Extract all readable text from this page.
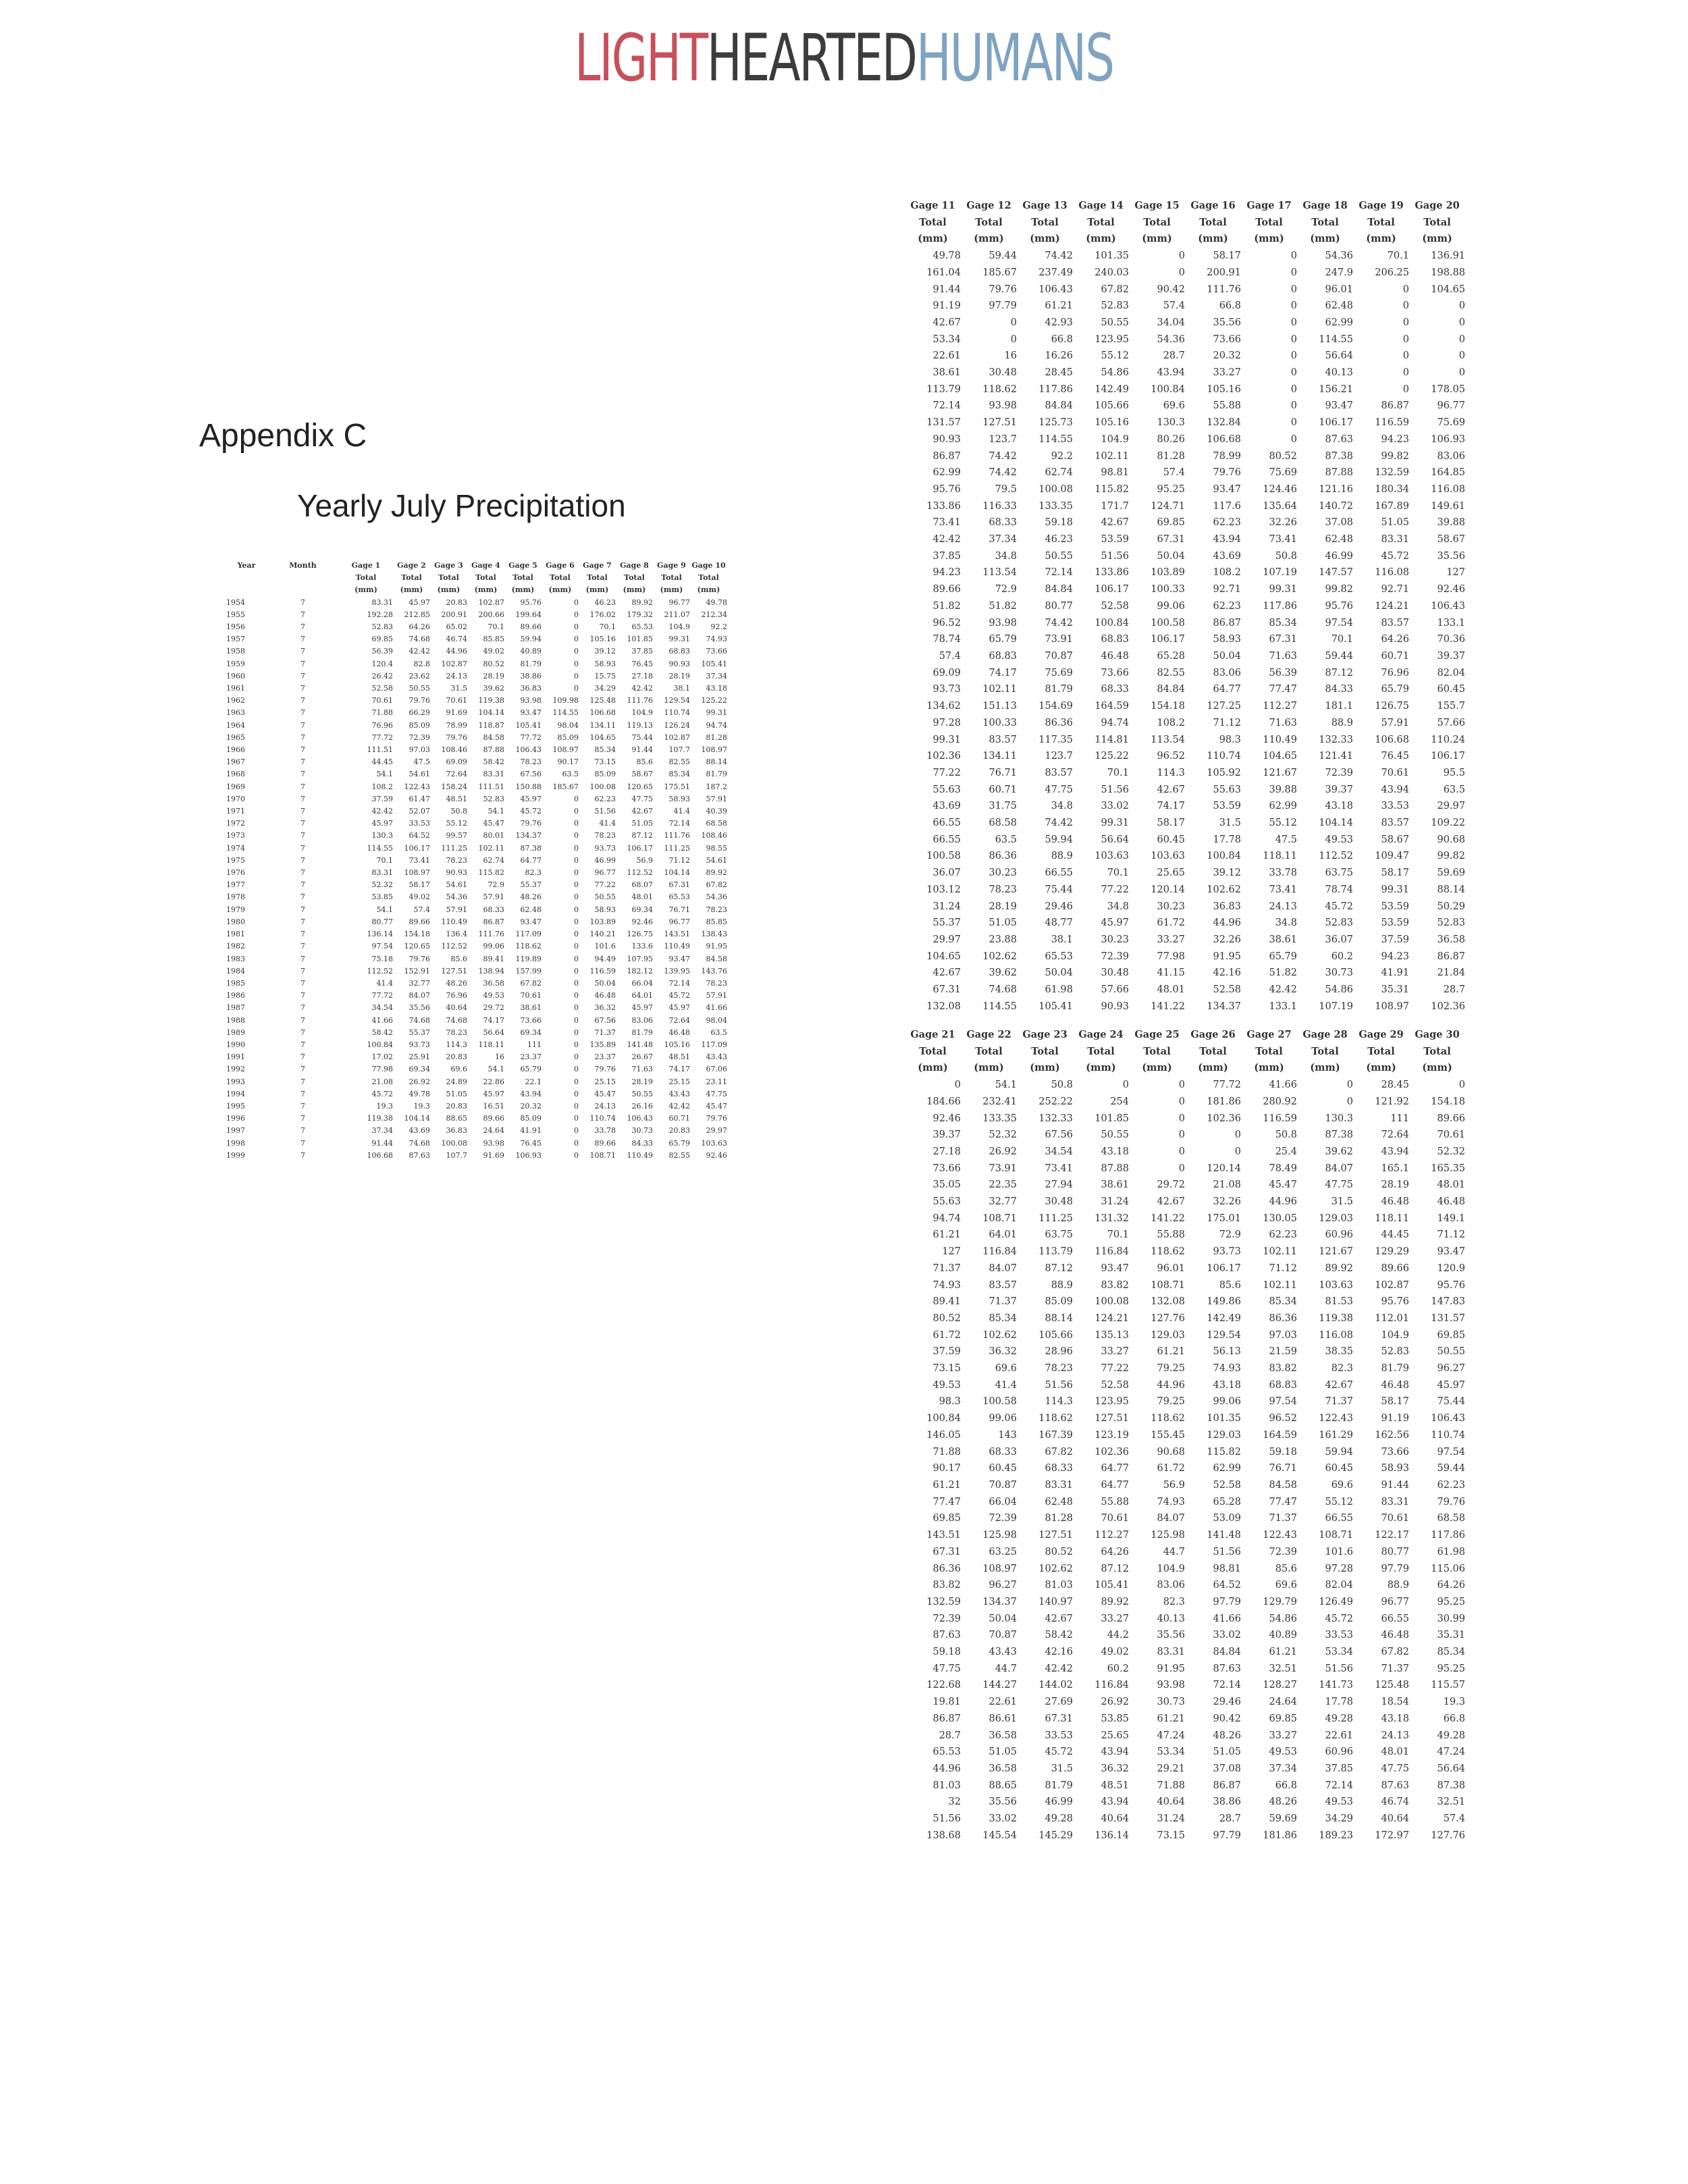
LIGHTHEARTEDHUMANS
Appendix C
Yearly July Precipitation
Year	Month	Gage 1	Gage 2	Gage 3	Gage 4	Gage 5	Gage 6	Gage 7	Gage 8	Gage 9	Gage 10
		Total	Total	Total	Total	Total	Total	Total	Total	Total	Total
		(mm)	(mm)	(mm)	(mm)	(mm)	(mm)	(mm)	(mm)	(mm)	(mm)
1954	7	83.31	45.97	20.83	102.87	95.76	0	46.23	89.92	96.77	49.78
1955	7	192.28	212.85	200.91	200.66	199.64	0	176.02	179.32	211.07	212.34
1956	7	52.83	64.26	65.02	70.1	89.66	0	70.1	65.53	104.9	92.2
1957	7	69.85	74.68	46.74	85.85	59.94	0	105.16	101.85	99.31	74.93
1958	7	56.39	42.42	44.96	49.02	40.89	0	39.12	37.85	68.83	73.66
1959	7	120.4	82.8	102.87	80.52	81.79	0	58.93	76.45	90.93	105.41
1960	7	26.42	23.62	24.13	28.19	38.86	0	15.75	27.18	28.19	37.34
1961	7	52.58	50.55	31.5	39.62	36.83	0	34.29	42.42	38.1	43.18
1962	7	70.61	79.76	70.61	119.38	93.98	109.98	125.48	111.76	129.54	125.22
1963	7	71.88	66.29	91.69	104.14	93.47	114.55	106.68	104.9	110.74	99.31
1964	7	76.96	85.09	78.99	118.87	105.41	98.04	134.11	119.13	126.24	94.74
1965	7	77.72	72.39	79.76	84.58	77.72	85.09	104.65	75.44	102.87	81.28
1966	7	111.51	97.03	108.46	87.88	106.43	108.97	85.34	91.44	107.7	108.97
1967	7	44.45	47.5	69.09	58.42	78.23	90.17	73.15	85.6	82.55	88.14
1968	7	54.1	54.61	72.64	83.31	67.56	63.5	85.09	58.67	85.34	81.79
1969	7	108.2	122.43	158.24	111.51	150.88	185.67	100.08	120.65	175.51	187.2
1970	7	37.59	61.47	48.51	52.83	45.97	0	62.23	47.75	58.93	57.91
1971	7	42.42	52.07	50.8	54.1	45.72	0	51.56	42.67	41.4	40.39
1972	7	45.97	33.53	55.12	45.47	79.76	0	41.4	51.05	72.14	68.58
1973	7	130.3	64.52	99.57	80.01	134.37	0	78.23	87.12	111.76	108.46
1974	7	114.55	106.17	111.25	102.11	87.38	0	93.73	106.17	111.25	98.55
1975	7	70.1	73.41	78.23	62.74	64.77	0	46.99	56.9	71.12	54.61
1976	7	83.31	108.97	90.93	115.82	82.3	0	96.77	112.52	104.14	89.92
1977	7	52.32	58.17	54.61	72.9	55.37	0	77.22	68.07	67.31	67.82
1978	7	53.85	49.02	54.36	57.91	48.26	0	50.55	48.01	65.53	54.36
1979	7	54.1	57.4	57.91	68.33	62.48	0	58.93	69.34	76.71	78.23
1980	7	80.77	89.66	110.49	86.87	93.47	0	103.89	92.46	96.77	85.85
1981	7	136.14	154.18	136.4	111.76	117.09	0	140.21	126.75	143.51	138.43
1982	7	97.54	120.65	112.52	99.06	118.62	0	101.6	133.6	110.49	91.95
1983	7	75.18	79.76	85.6	89.41	119.89	0	94.49	107.95	93.47	84.58
1984	7	112.52	152.91	127.51	138.94	157.99	0	116.59	182.12	139.95	143.76
1985	7	41.4	32.77	48.26	36.58	67.82	0	50.04	66.04	72.14	78.23
1986	7	77.72	84.07	76.96	49.53	70.61	0	46.48	64.01	45.72	57.91
1987	7	34.54	35.56	40.64	29.72	38.61	0	36.32	45.97	45.97	41.66
1988	7	41.66	74.68	74.68	74.17	73.66	0	67.56	83.06	72.64	98.04
1989	7	58.42	55.37	78.23	56.64	69.34	0	71.37	81.79	46.48	63.5
1990	7	100.84	93.73	114.3	118.11	111	0	135.89	141.48	105.16	117.09
1991	7	17.02	25.91	20.83	16	23.37	0	23.37	26.67	48.51	43.43
1992	7	77.98	69.34	69.6	54.1	65.79	0	79.76	71.63	74.17	67.06
1993	7	21.08	26.92	24.89	22.86	22.1	0	25.15	28.19	25.15	23.11
1994	7	45.72	49.78	51.05	45.97	43.94	0	45.47	50.55	43.43	47.75
1995	7	19.3	19.3	20.83	16.51	20.32	0	24.13	26.16	42.42	45.47
1996	7	119.38	104.14	88.65	89.66	85.09	0	110.74	106.43	60.71	79.76
1997	7	37.34	43.69	36.83	24.64	41.91	0	33.78	30.73	20.83	29.97
1998	7	91.44	74.68	100.08	93.98	76.45	0	89.66	84.33	65.79	103.63
1999	7	106.68	87.63	107.7	91.69	106.93	0	108.71	110.49	82.55	92.46
Gage 11	Gage 12	Gage 13	Gage 14	Gage 15	Gage 16	Gage 17	Gage 18	Gage 19	Gage 20
Total	Total	Total	Total	Total	Total	Total	Total	Total	Total
(mm)	(mm)	(mm)	(mm)	(mm)	(mm)	(mm)	(mm)	(mm)	(mm)
49.78	59.44	74.42	101.35	0	58.17	0	54.36	70.1	136.91
161.04	185.67	237.49	240.03	0	200.91	0	247.9	206.25	198.88
91.44	79.76	106.43	67.82	90.42	111.76	0	96.01	0	104.65
91.19	97.79	61.21	52.83	57.4	66.8	0	62.48	0	0
42.67	0	42.93	50.55	34.04	35.56	0	62.99	0	0
53.34	0	66.8	123.95	54.36	73.66	0	114.55	0	0
22.61	16	16.26	55.12	28.7	20.32	0	56.64	0	0
38.61	30.48	28.45	54.86	43.94	33.27	0	40.13	0	0
113.79	118.62	117.86	142.49	100.84	105.16	0	156.21	0	178.05
72.14	93.98	84.84	105.66	69.6	55.88	0	93.47	86.87	96.77
131.57	127.51	125.73	105.16	130.3	132.84	0	106.17	116.59	75.69
90.93	123.7	114.55	104.9	80.26	106.68	0	87.63	94.23	106.93
86.87	74.42	92.2	102.11	81.28	78.99	80.52	87.38	99.82	83.06
62.99	74.42	62.74	98.81	57.4	79.76	75.69	87.88	132.59	164.85
95.76	79.5	100.08	115.82	95.25	93.47	124.46	121.16	180.34	116.08
133.86	116.33	133.35	171.7	124.71	117.6	135.64	140.72	167.89	149.61
73.41	68.33	59.18	42.67	69.85	62.23	32.26	37.08	51.05	39.88
42.42	37.34	46.23	53.59	67.31	43.94	73.41	62.48	83.31	58.67
37.85	34.8	50.55	51.56	50.04	43.69	50.8	46.99	45.72	35.56
94.23	113.54	72.14	133.86	103.89	108.2	107.19	147.57	116.08	127
89.66	72.9	84.84	106.17	100.33	92.71	99.31	99.82	92.71	92.46
51.82	51.82	80.77	52.58	99.06	62.23	117.86	95.76	124.21	106.43
96.52	93.98	74.42	100.84	100.58	86.87	85.34	97.54	83.57	133.1
78.74	65.79	73.91	68.83	106.17	58.93	67.31	70.1	64.26	70.36
57.4	68.83	70.87	46.48	65.28	50.04	71.63	59.44	60.71	39.37
69.09	74.17	75.69	73.66	82.55	83.06	56.39	87.12	76.96	82.04
93.73	102.11	81.79	68.33	84.84	64.77	77.47	84.33	65.79	60.45
134.62	151.13	154.69	164.59	154.18	127.25	112.27	181.1	126.75	155.7
97.28	100.33	86.36	94.74	108.2	71.12	71.63	88.9	57.91	57.66
99.31	83.57	117.35	114.81	113.54	98.3	110.49	132.33	106.68	110.24
102.36	134.11	123.7	125.22	96.52	110.74	104.65	121.41	76.45	106.17
77.22	76.71	83.57	70.1	114.3	105.92	121.67	72.39	70.61	95.5
55.63	60.71	47.75	51.56	42.67	55.63	39.88	39.37	43.94	63.5
43.69	31.75	34.8	33.02	74.17	53.59	62.99	43.18	33.53	29.97
66.55	68.58	74.42	99.31	58.17	31.5	55.12	104.14	83.57	109.22
66.55	63.5	59.94	56.64	60.45	17.78	47.5	49.53	58.67	90.68
100.58	86.36	88.9	103.63	103.63	100.84	118.11	112.52	109.47	99.82
36.07	30.23	66.55	70.1	25.65	39.12	33.78	63.75	58.17	59.69
103.12	78.23	75.44	77.22	120.14	102.62	73.41	78.74	99.31	88.14
31.24	28.19	29.46	34.8	30.23	36.83	24.13	45.72	53.59	50.29
55.37	51.05	48.77	45.97	61.72	44.96	34.8	52.83	53.59	52.83
29.97	23.88	38.1	30.23	33.27	32.26	38.61	36.07	37.59	36.58
104.65	102.62	65.53	72.39	77.98	91.95	65.79	60.2	94.23	86.87
42.67	39.62	50.04	30.48	41.15	42.16	51.82	30.73	41.91	21.84
67.31	74.68	61.98	57.66	48.01	52.58	42.42	54.86	35.31	28.7
132.08	114.55	105.41	90.93	141.22	134.37	133.1	107.19	108.97	102.36
Gage 21	Gage 22	Gage 23	Gage 24	Gage 25	Gage 26	Gage 27	Gage 28	Gage 29	Gage 30
Total	Total	Total	Total	Total	Total	Total	Total	Total	Total
(mm)	(mm)	(mm)	(mm)	(mm)	(mm)	(mm)	(mm)	(mm)	(mm)
0	54.1	50.8	0	0	77.72	41.66	0	28.45	0
184.66	232.41	252.22	254	0	181.86	280.92	0	121.92	154.18
92.46	133.35	132.33	101.85	0	102.36	116.59	130.3	111	89.66
39.37	52.32	67.56	50.55	0	0	50.8	87.38	72.64	70.61
27.18	26.92	34.54	43.18	0	0	25.4	39.62	43.94	52.32
73.66	73.91	73.41	87.88	0	120.14	78.49	84.07	165.1	165.35
35.05	22.35	27.94	38.61	29.72	21.08	45.47	47.75	28.19	48.01
55.63	32.77	30.48	31.24	42.67	32.26	44.96	31.5	46.48	46.48
94.74	108.71	111.25	131.32	141.22	175.01	130.05	129.03	118.11	149.1
61.21	64.01	63.75	70.1	55.88	72.9	62.23	60.96	44.45	71.12
127	116.84	113.79	116.84	118.62	93.73	102.11	121.67	129.29	93.47
71.37	84.07	87.12	93.47	96.01	106.17	71.12	89.92	89.66	120.9
74.93	83.57	88.9	83.82	108.71	85.6	102.11	103.63	102.87	95.76
89.41	71.37	85.09	100.08	132.08	149.86	85.34	81.53	95.76	147.83
80.52	85.34	88.14	124.21	127.76	142.49	86.36	119.38	112.01	131.57
61.72	102.62	105.66	135.13	129.03	129.54	97.03	116.08	104.9	69.85
37.59	36.32	28.96	33.27	61.21	56.13	21.59	38.35	52.83	50.55
73.15	69.6	78.23	77.22	79.25	74.93	83.82	82.3	81.79	96.27
49.53	41.4	51.56	52.58	44.96	43.18	68.83	42.67	46.48	45.97
98.3	100.58	114.3	123.95	79.25	99.06	97.54	71.37	58.17	75.44
100.84	99.06	118.62	127.51	118.62	101.35	96.52	122.43	91.19	106.43
146.05	143	167.39	123.19	155.45	129.03	164.59	161.29	162.56	110.74
71.88	68.33	67.82	102.36	90.68	115.82	59.18	59.94	73.66	97.54
90.17	60.45	68.33	64.77	61.72	62.99	76.71	60.45	58.93	59.44
61.21	70.87	83.31	64.77	56.9	52.58	84.58	69.6	91.44	62.23
77.47	66.04	62.48	55.88	74.93	65.28	77.47	55.12	83.31	79.76
69.85	72.39	81.28	70.61	84.07	53.09	71.37	66.55	70.61	68.58
143.51	125.98	127.51	112.27	125.98	141.48	122.43	108.71	122.17	117.86
67.31	63.25	80.52	64.26	44.7	51.56	72.39	101.6	80.77	61.98
86.36	108.97	102.62	87.12	104.9	98.81	85.6	97.28	97.79	115.06
83.82	96.27	81.03	105.41	83.06	64.52	69.6	82.04	88.9	64.26
132.59	134.37	140.97	89.92	82.3	97.79	129.79	126.49	96.77	95.25
72.39	50.04	42.67	33.27	40.13	41.66	54.86	45.72	66.55	30.99
87.63	70.87	58.42	44.2	35.56	33.02	40.89	33.53	46.48	35.31
59.18	43.43	42.16	49.02	83.31	84.84	61.21	53.34	67.82	85.34
47.75	44.7	42.42	60.2	91.95	87.63	32.51	51.56	71.37	95.25
122.68	144.27	144.02	116.84	93.98	72.14	128.27	141.73	125.48	115.57
19.81	22.61	27.69	26.92	30.73	29.46	24.64	17.78	18.54	19.3
86.87	86.61	67.31	53.85	61.21	90.42	69.85	49.28	43.18	66.8
28.7	36.58	33.53	25.65	47.24	48.26	33.27	22.61	24.13	49.28
65.53	51.05	45.72	43.94	53.34	51.05	49.53	60.96	48.01	47.24
44.96	36.58	31.5	36.32	29.21	37.08	37.34	37.85	47.75	56.64
81.03	88.65	81.79	48.51	71.88	86.87	66.8	72.14	87.63	87.38
32	35.56	46.99	43.94	40.64	38.86	48.26	49.53	46.74	32.51
51.56	33.02	49.28	40.64	31.24	28.7	59.69	34.29	40.64	57.4
138.68	145.54	145.29	136.14	73.15	97.79	181.86	189.23	172.97	127.76
